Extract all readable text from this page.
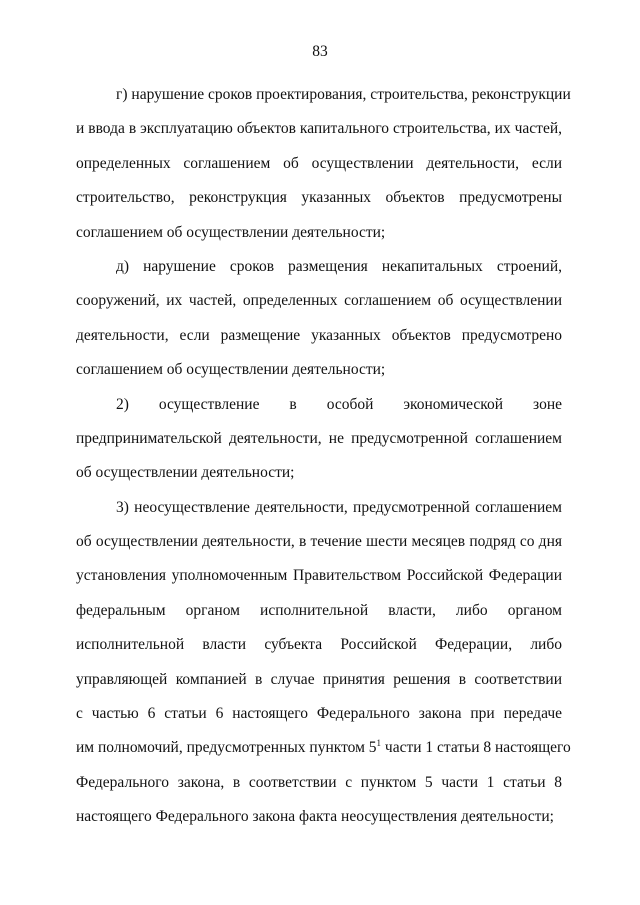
83
г) нарушение сроков проектирования, строительства, реконструкции
и ввода в эксплуатацию объектов капитального строительства, их частей,
определенных соглашением об осуществлении деятельности, если
строительство, реконструкция указанных объектов предусмотрены
соглашением об осуществлении деятельности;
д) нарушение сроков размещения некапитальных строений,
сооружений, их частей, определенных соглашением об осуществлении
деятельности, если размещение указанных объектов предусмотрено
соглашением об осуществлении деятельности;
2) осуществление в особой экономической зоне
предпринимательской деятельности, не предусмотренной соглашением
об осуществлении деятельности;
3) неосуществление деятельности, предусмотренной соглашением
об осуществлении деятельности, в течение шести месяцев подряд со дня
установления уполномоченным Правительством Российской Федерации
федеральным органом исполнительной власти, либо органом
исполнительной власти субъекта Российской Федерации, либо
управляющей компанией в случае принятия решения в соответствии
с частью 6 статьи 6 настоящего Федерального закона при передаче
им полномочий, предусмотренных пунктом $5^1$ части 1 статьи 8 настоящего
Федерального закона, в соответствии с пунктом 5 части 1 статьи 8
настоящего Федерального закона факта неосуществления деятельности;
